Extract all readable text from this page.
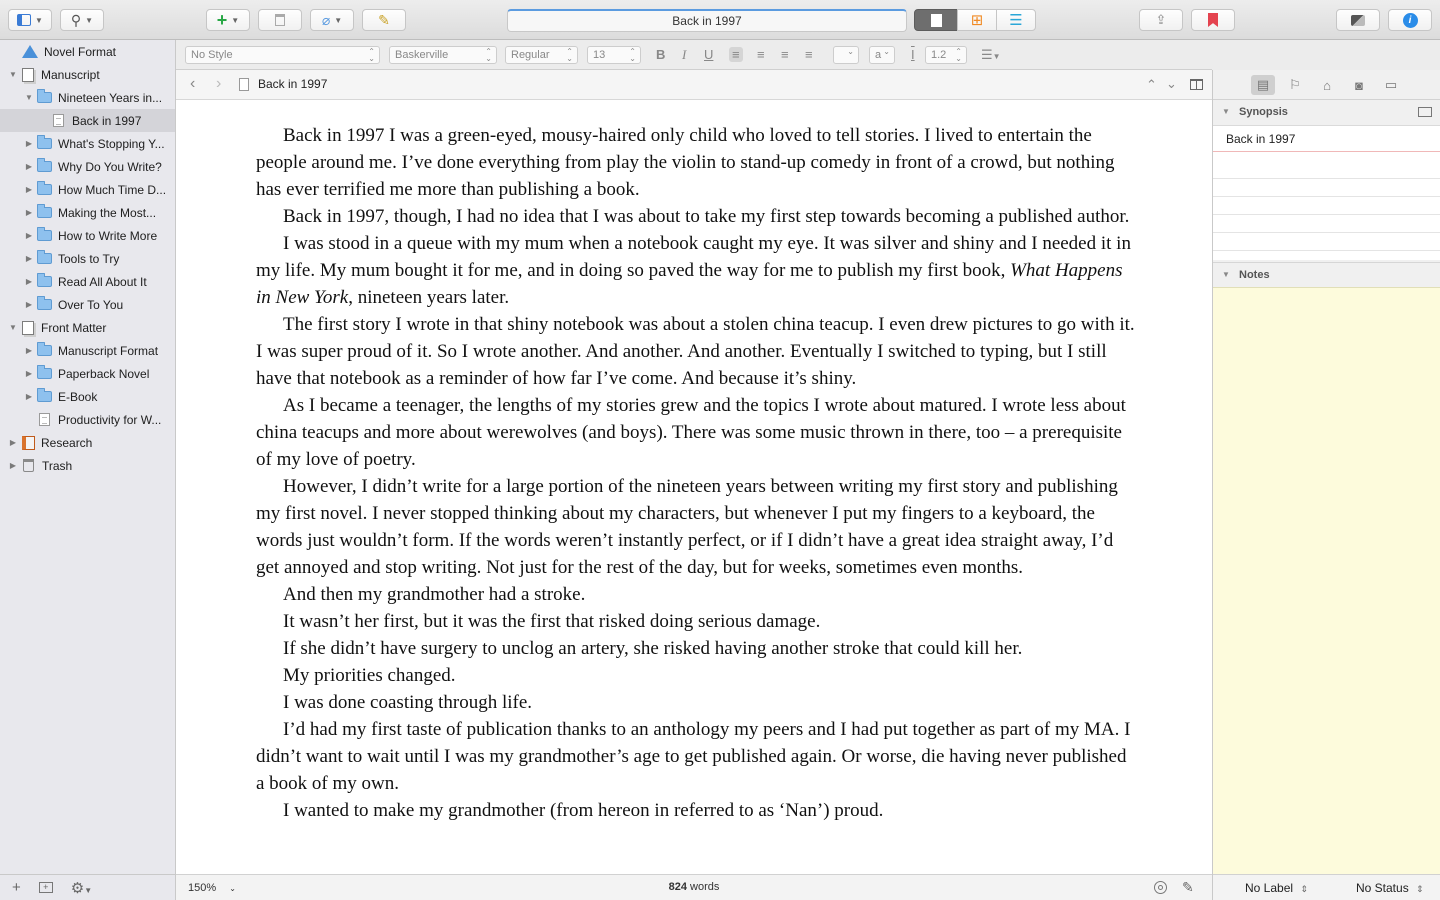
▼ ⚲ ▼	+ ▼	⌀ ▼	✎	Back in 1997	⊞ ☰	⇪	i
Novel Format
▼ Manuscript
▼ Nineteen Years in...
Back in 1997
▶ What's Stopping Y...
▶ Why Do You Write?
▶ How Much Time D...
▶ Making the Most...
▶ How to Write More
▶ Tools to Try
▶ Read All About It
▶ Over To You
▼ Front Matter
▶ Manuscript Format
▶ Paperback Novel
▶ E-Book
Productivity for W...
▶ Research
▶ Trash
+	+ ⚙▼
No Style	⌃
⌄	Baskerville	⌃
⌄	Regular ⌃
⌄	13	⌃
⌄ B I U ≡ ≡ ≡ ≡	⌄	a ⌄ I	1.2 ⌃
⌄ ☰▼
‹ ›	Back in 1997	⌃ ⌄

Back in 1997 I was a green-eyed, mousy-haired only child who loved to tell stories. I lived to entertain the people around me. I’ve done everything from play the violin to stand-up comedy in front of a crowd, but nothing has ever terrified me more than publishing a book.

Back in 1997, though, I had no idea that I was about to take my first step towards becoming a published author.

I was stood in a queue with my mum when a notebook caught my eye. It was silver and shiny and I needed it in my life. My mum bought it for me, and in doing so paved the way for me to publish my first book, What Happens in New York, nineteen years later.

The first story I wrote in that shiny notebook was about a stolen china teacup. I even drew pictures to go with it. I was super proud of it. So I wrote another. And another. And another. Eventually I switched to typing, but I still have that notebook as a reminder of how far I’ve come. And because it’s shiny.

As I became a teenager, the lengths of my stories grew and the topics I wrote about matured. I wrote less about china teacups and more about werewolves (and boys). There was some music thrown in there, too – a prerequisite of my love of poetry.

However, I didn’t write for a large portion of the nineteen years between writing my first story and publishing my first novel. I never stopped thinking about my characters, but whenever I put my fingers to a keyboard, the words just wouldn’t form. If the words weren’t instantly perfect, or if I didn’t have a great idea straight away, I’d get annoyed and stop writing. Not just for the rest of the day, but for weeks, sometimes even months.

And then my grandmother had a stroke.

It wasn’t her first, but it was the first that risked doing serious damage.

If she didn’t have surgery to unclog an artery, she risked having another stroke that could kill her.

My priorities changed.

I was done coasting through life.

I’d had my first taste of publication thanks to an anthology my peers and I had put together as part of my MA. I didn’t want to wait until I was my grandmother’s age to get published again. Or worse, die having never published a book of my own.

I wanted to make my grandmother (from hereon in referred to as ‘Nan’) proud.

150% ⌄	824 words	✎
▤	⚐	⌂	◙	▭
▼ Synopsis
Back in 1997
▼ Notes
No Label ⇕	No Status ⇕
